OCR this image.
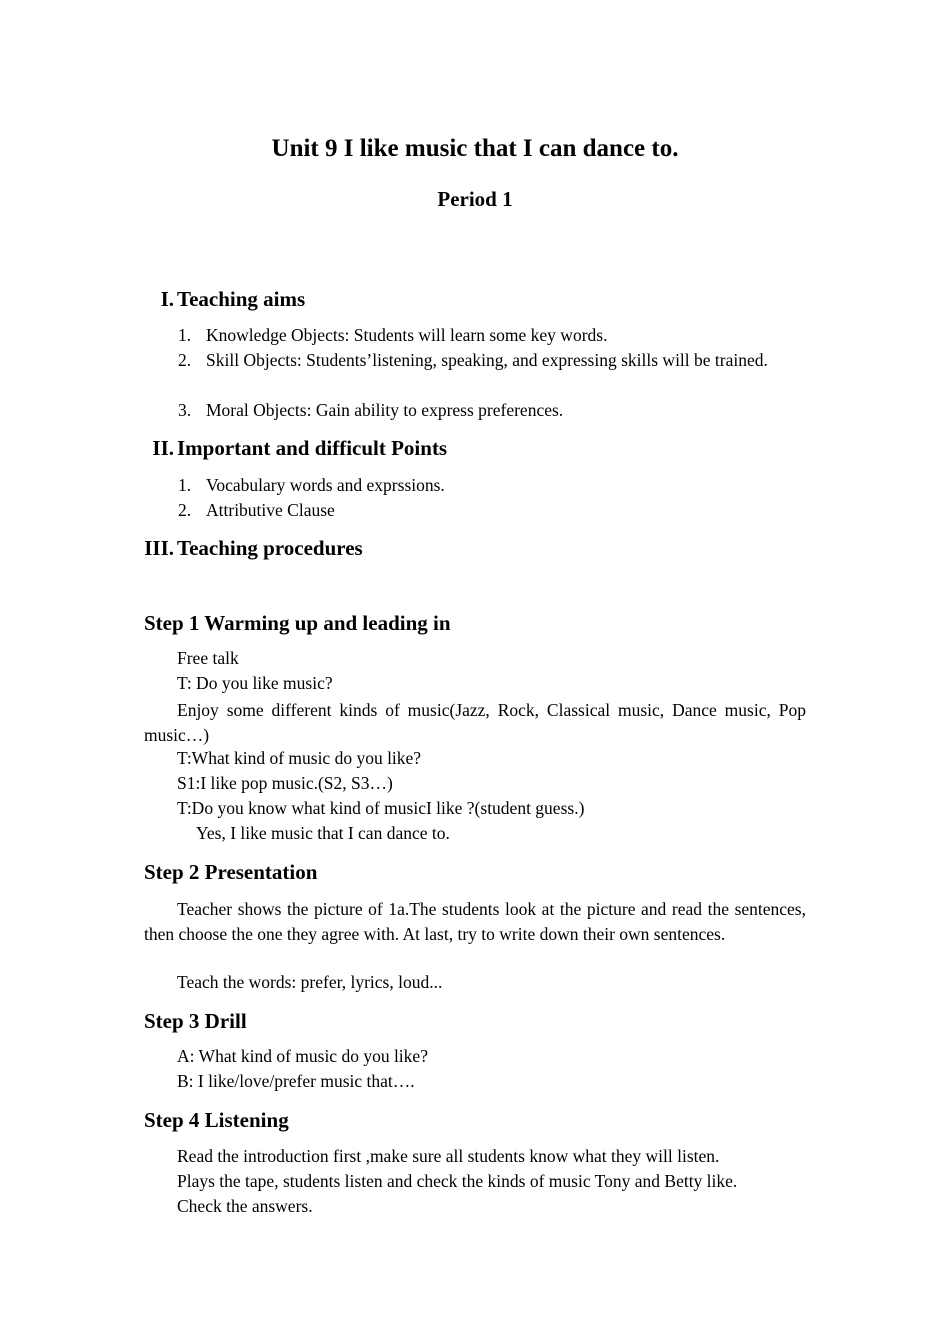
Unit 9 I like music that I can dance to.
Period 1
I. Teaching aims
1. Knowledge Objects: Students will learn some key words.
2. Skill Objects: Students’listening, speaking, and expressing skills will be trained.
3. Moral Objects: Gain ability to express preferences.
II. Important and difficult Points
1. Vocabulary words and exprssions.
2. Attributive Clause
III. Teaching procedures
Step 1 Warming up and leading in
Free talk
T: Do you like music?
Enjoy some different kinds of music(Jazz, Rock, Classical music, Dance music, Pop music…)
T:What kind of music do you like?
S1:I like pop music.(S2, S3…)
T:Do you know what kind of musicI like ?(student guess.)
Yes, I like music that I can dance to.
Step 2 Presentation
Teacher shows the picture of 1a.The students look at the picture and read the sentences, then choose the one they agree with. At last, try to write down their own sentences.
Teach the words: prefer, lyrics, loud...
Step 3 Drill
A: What kind of music do you like?
B: I like/love/prefer music that….
Step 4 Listening
Read the introduction first ,make sure all students know what they will listen.
Plays the tape, students listen and check the kinds of music Tony and Betty like.
Check the answers.
